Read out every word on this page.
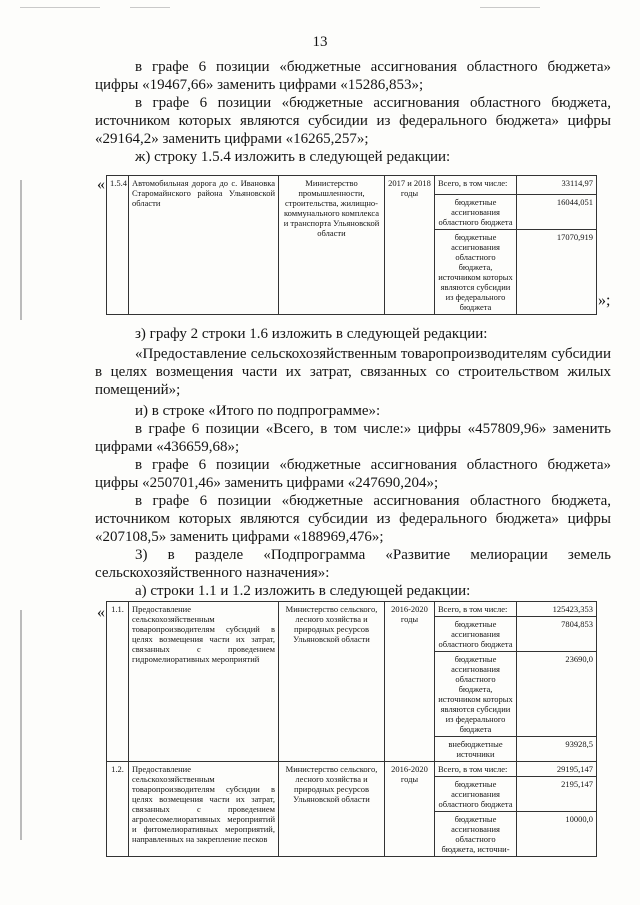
13

в графе 6 позиции «бюджетные ассигнования областного бюджета»

цифры «19467,66» заменить цифрами «15286,853»;

в графе 6 позиции «бюджетные ассигнования областного бюджета,

источником которых являются субсидии из федерального бюджета» цифры

«29164,2» заменить цифрами «16265,257»;

ж) строку 1.5.4 изложить в следующей редакции:

« 1.5.4	Автомобильная дорога до с. Ивановка Старомайнского района Ульяновской области	Министерство промышленности, строительства, жилищно-коммунального комплекса и транспорта Ульяновской области	2017 и 2018 годы	Всего, в том числе:	33114,97
				бюджетные ассигнования областного бюджета	16044,051
				бюджетные ассигнования областного бюджета, источником которых являются субсидии из федерального бюджета	17070,919
»;

з) графу 2 строки 1.6 изложить в следующей редакции:

«Предоставление сельскохозяйственным товаропроизводителям субсидии

в целях возмещения части их затрат, связанных со строительством жилых

помещений»;

и) в строке «Итого по подпрограмме»:

в графе 6 позиции «Всего, в том числе:» цифры «457809,96» заменить

цифрами «436659,68»;

в графе 6 позиции «бюджетные ассигнования областного бюджета»

цифры «250701,46» заменить цифрами «247690,204»;

в графе 6 позиции «бюджетные ассигнования областного бюджета,

источником которых являются субсидии из федерального бюджета» цифры

«207108,5» заменить цифрами «188969,476»;

3) в разделе «Подпрограмма «Развитие мелиорации земель

сельскохозяйственного назначения»:

а) строки 1.1 и 1.2 изложить в следующей редакции:

« 1.1.	Предоставление сельскохозяйственным товаропроизводителям субсидий в целях возмещения части их затрат, связанных с проведением гидромелиоративных мероприятий	Министерство сельского, лесного хозяйства и природных ресурсов Ульяновской области	2016-2020 годы	Всего, в том числе:	125423,353
				бюджетные ассигнования областного бюджета	7804,853
				бюджетные ассигнования областного бюджета, источником которых являются субсидии из федерального бюджета	23690,0
				внебюджетные источники	93928,5
1.2.	Предоставление сельскохозяйственным товаропроизводителям субсидии в целях возмещения части их затрат, связанных с проведением агролесомелиоративных мероприятий и фитомелиоративных мероприятий, направленных на закрепление песков	Министерство сельского, лесного хозяйства и природных ресурсов Ульяновской области	2016-2020 годы	Всего, в том числе:	29195,147
				бюджетные ассигнования областного бюджета	2195,147
				бюджетные ассигнования областного бюджета, источни-	10000,0
